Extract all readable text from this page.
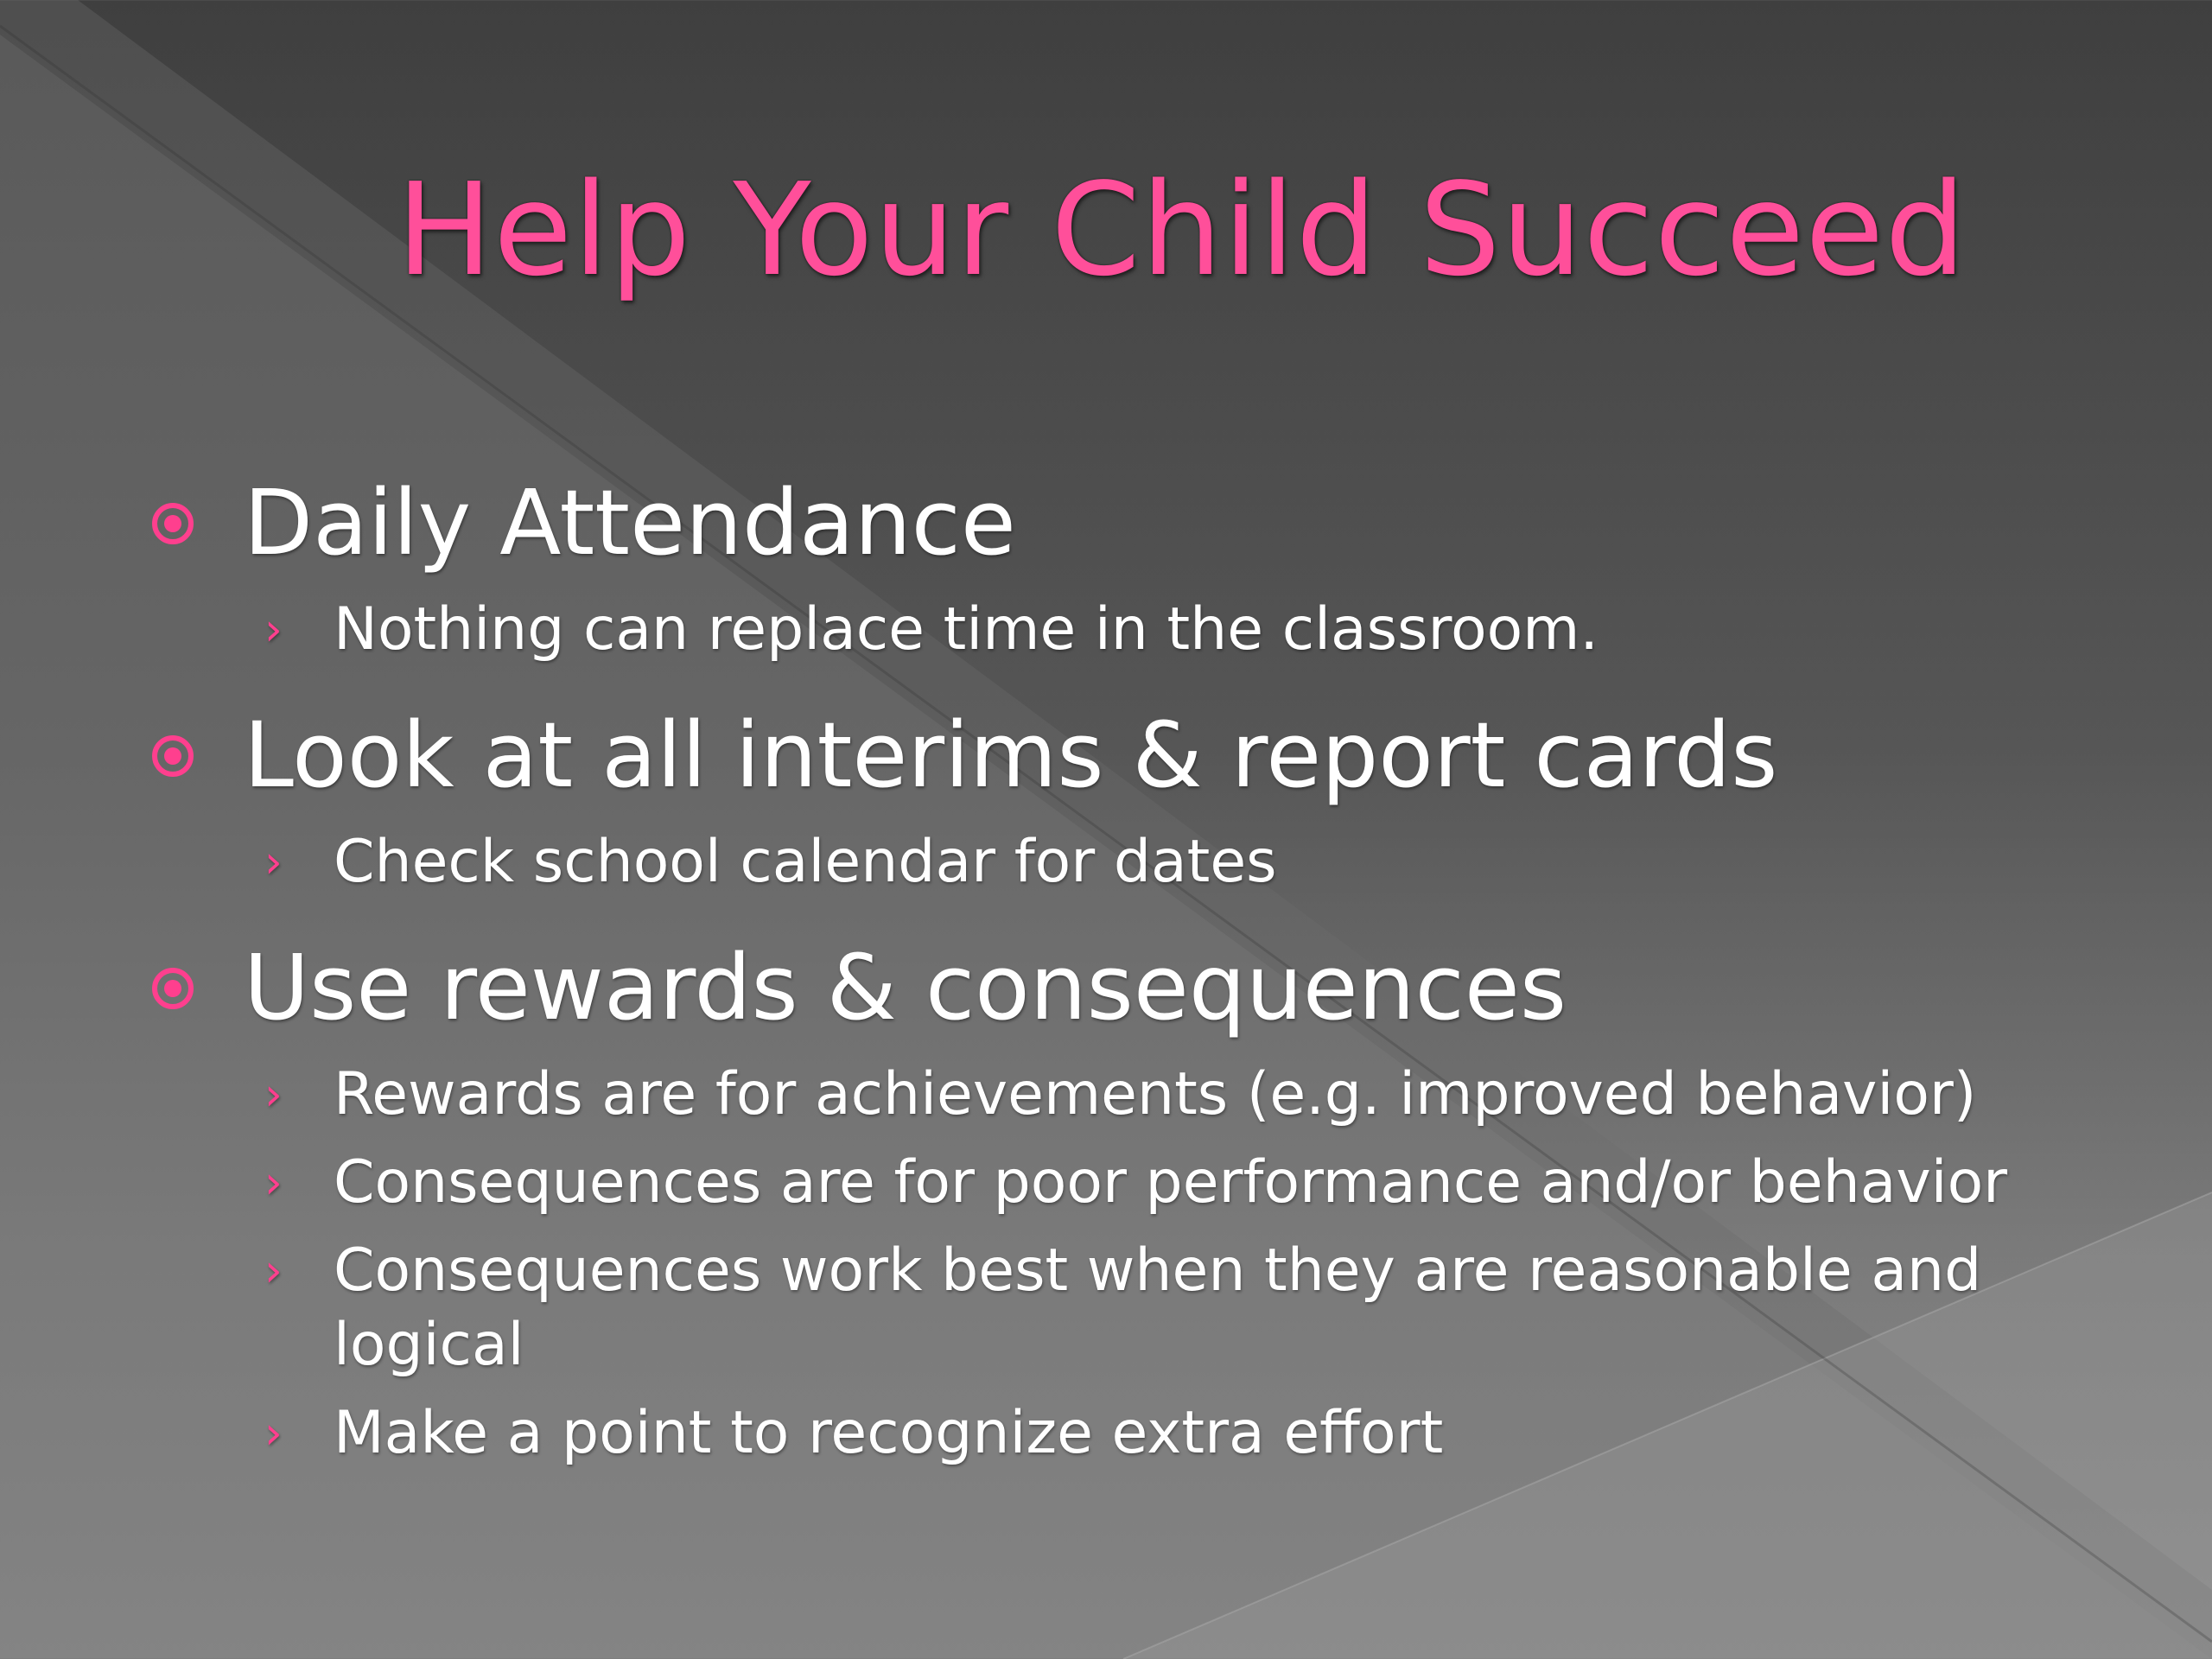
Help Your Child Succeed
Daily Attendance
› Nothing can replace time in the classroom.
Look at all interims & report cards
› Check school calendar for dates
Use rewards & consequences
› Rewards are for achievements (e.g. improved behavior)
› Consequences are for poor performance and/or behavior
› Consequences work best when they are reasonable and logical
› Make a point to recognize extra effort
